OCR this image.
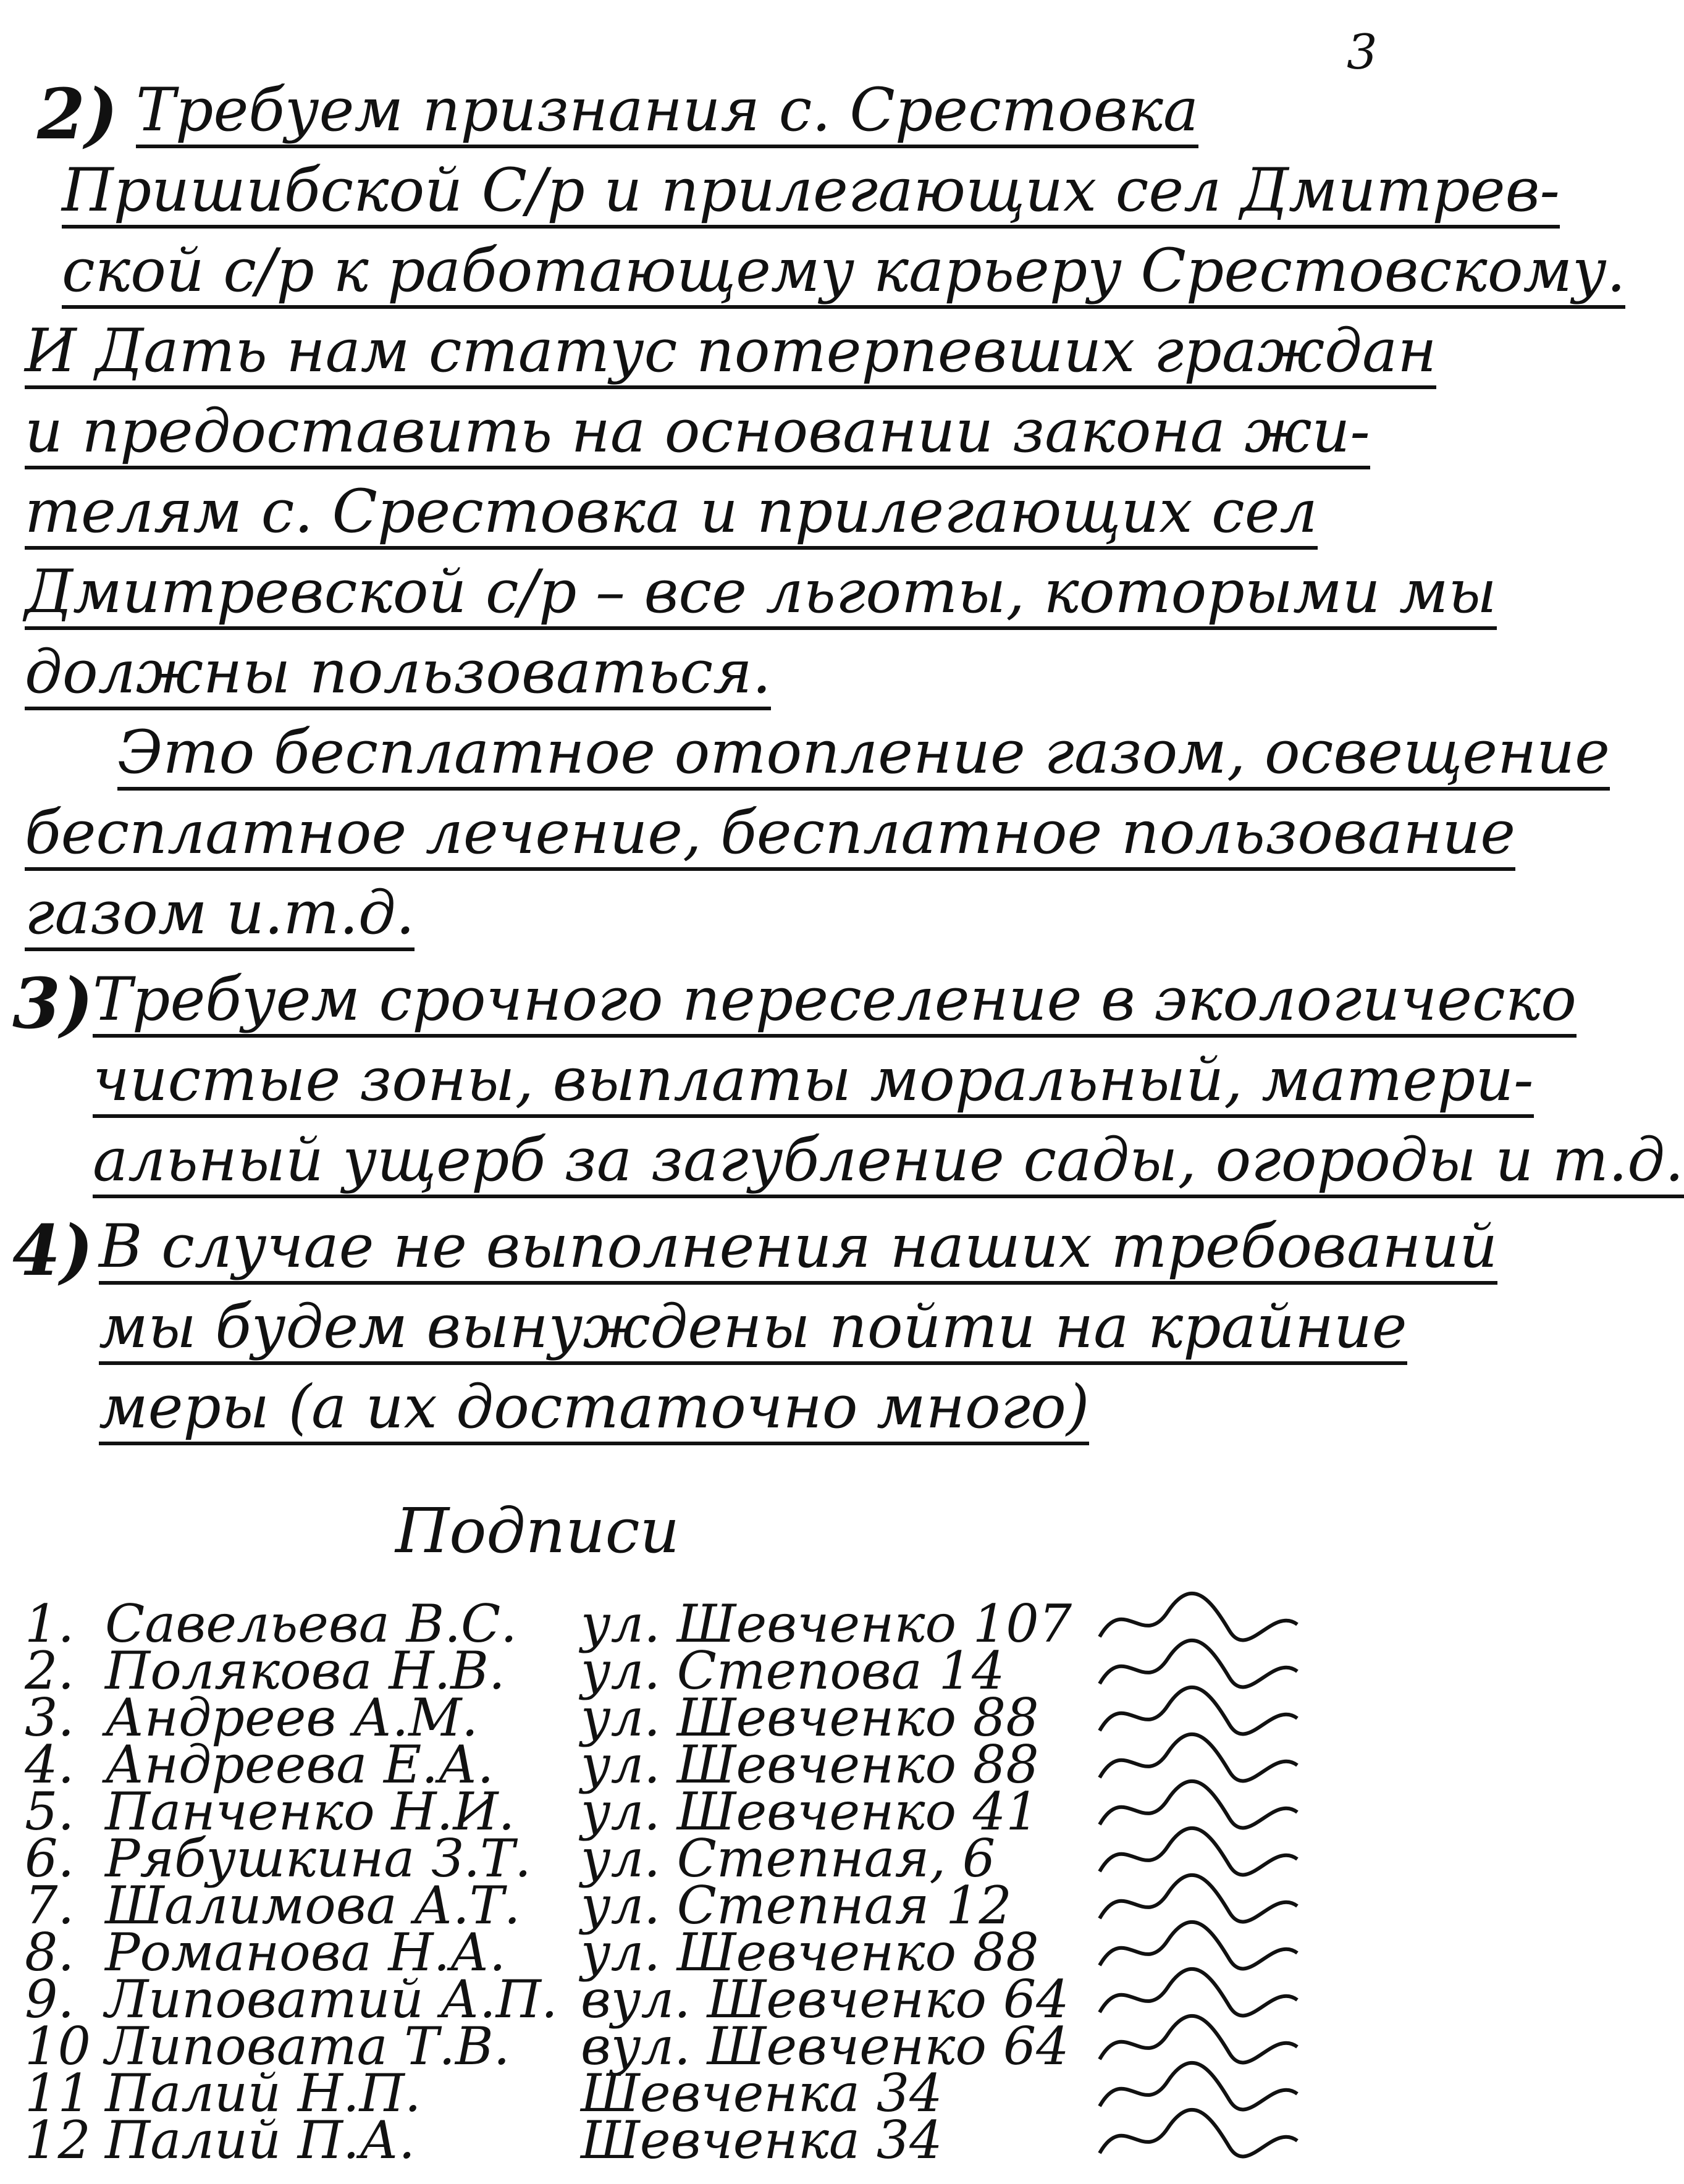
3
2) Требуем признания с. Срестовка
Пришибской С/р и прилегающих сел Дмитрев-
ской с/р к работающему карьеру Срестовскому.
И Дать нам статус потерпевших граждан
и предоставить на основании закона жи-
телям с. Срестовка и прилегающих сел
Дмитревской с/р – все льготы, которыми мы
должны пользоваться.
Это бесплатное отопление газом, освещение
бесплатное лечение, бесплатное пользование
газом и.т.д.
3) Требуем срочного переселение в экологическо
чистые зоны, выплаты моральный, матери-
альный ущерб за загубление сады, огороды и т.д.
4) В случае не выполнения наших требований
мы будем вынуждены пойти на крайние
меры (а их достаточно много)
Подписи
1. Савельева В.С.	ул. Шевченко 107
2. Полякова Н.В.	ул. Степова 14
3. Андреев А.М.	ул. Шевченко 88
4. Андреева Е.А.	ул. Шевченко 88
5. Панченко Н.И.	ул. Шевченко 41
6. Рябушкина З.Т. ул. Степная, 6
7. Шалимова А.Т.	ул. Степная 12
8. Романова Н.А.	ул. Шевченко 88
9. Липоватий А.П. вул. Шевченко 64
10 Липовата Т.В.	вул. Шевченко 64
11 Палий Н.П.	Шевченка 34
12 Палий П.А.	Шевченка 34
